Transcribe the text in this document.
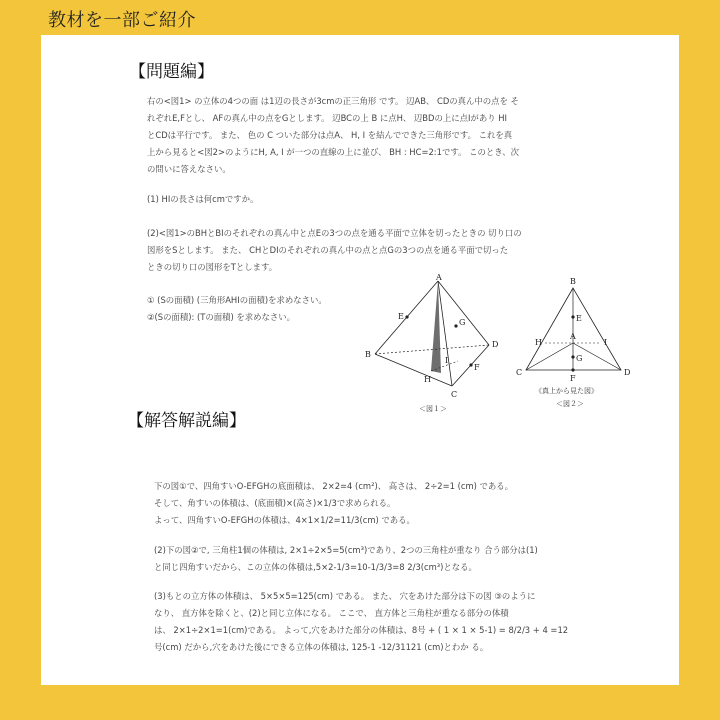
教材を一部ご紹介
【問題編】
右の<図1> の立体の4つの面 は1辺の長さが3cmの正三角形 です。 辺AB、 CDの真ん中の点を そ
れぞれE,Fとし、 AFの真ん中の点をGとします。 辺BCの上 B に点H、 辺BDの上に点Iがあり HI
とCDは平行です。 また、 色の C ついた部分は点A、 H, I を結んでできた三角形です。 これを真
上から見ると<図2>のようにH, A, I が一つの直線の上に並び、 BH : HC=2:1です。 このとき、次
の問いに答えなさい。
(1) HIの長さは何cmですか。
(2)<図1>のBHとBIのそれぞれの真ん中と点Eの3つの点を通る平面で立体を切ったときの 切り口の
図形をSとします。 また、 CHとDIのそれぞれの真ん中の点と点Gの3つの点を通る平面で切った
ときの切り口の図形をTとします。
① (Sの面積) (三角形AHIの面積)を求めなさい。
②(Sの面積): (Tの面積) を求めなさい。
A
B
C
D
E
F
G
H
I
＜図１＞
B
C	D
E
F
G
H	I
A
《真上から見た図》
＜図２＞
【解答解説編】
下の図①で、四角すいO-EFGHの底面積は、 2×2=4 (cm²)、 高さは、 2÷2=1 (cm) である。
そして、角すいの体積は、(底面積)×(高さ)×1/3で求められる。
よって、四角すいO-EFGHの体積は、4×1×1/2=11/3(cm) である。
(2)下の図②で, 三角柱1個の体積は, 2×1÷2×5=5(cm³)であり、2つの三角柱が重なり 合う部分は(1)
と同じ四角すいだから、この立体の体積は,5×2-1/3=10-1/3/3=8 2/3(cm³)となる。
(3)もとの立方体の体積は、 5×5×5=125(cm) である。 また、 穴をあけた部分は下の図 ③のように
なり、 直方体を除くと、(2)と同じ立体になる。 ここで、 直方体と三角柱が重なる部分の体積
は、 2×1÷2×1=1(cm)である。 よって,穴をあけた部分の体積は、8号 + ( 1 × 1 × 5-1) = 8/2/3 + 4 =12
号(cm) だから,穴をあけた後にできる立体の体積は, 125-1 -12/31121 (cm)とわか る。
